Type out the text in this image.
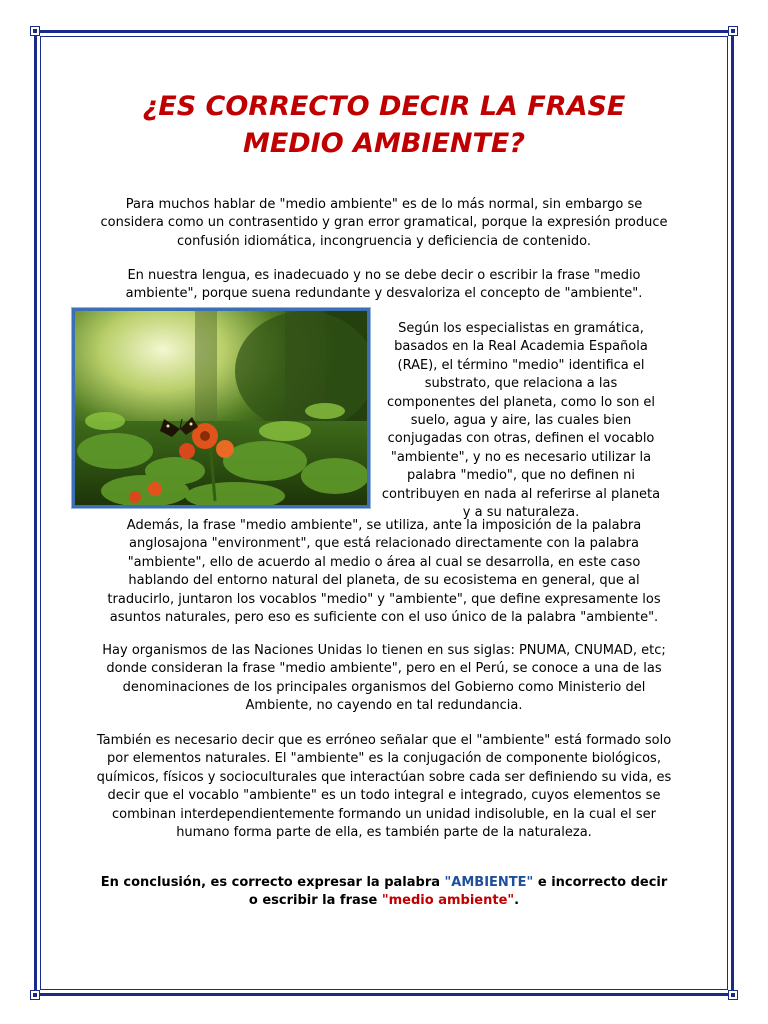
¿ES CORRECTO DECIR LA FRASE
MEDIO AMBIENTE?

Para muchos hablar de "medio ambiente" es de lo más normal, sin embargo se considera como un contrasentido y gran error gramatical, porque la expresión produce confusión idiomática, incongruencia y deficiencia de contenido.

En nuestra lengua, es inadecuado y no se debe decir o escribir la frase "medio ambiente", porque suena redundante y desvaloriza el concepto de "ambiente".

Según los especialistas en gramática, basados en la Real Academia Española (RAE), el término "medio" identifica el substrato, que relaciona a las componentes del planeta, como lo son el suelo, agua y aire, las cuales bien conjugadas con otras, definen el vocablo "ambiente", y no es necesario utilizar la palabra "medio", que no definen ni contribuyen en nada al referirse al planeta y a su naturaleza.

Además, la frase "medio ambiente", se utiliza, ante la imposición de la palabra anglosajona "environment", que está relacionado directamente con la palabra "ambiente", ello de acuerdo al medio o área al cual se desarrolla, en este caso hablando del entorno natural del planeta, de su ecosistema en general, que al traducirlo, juntaron los vocablos "medio" y "ambiente", que define expresamente los asuntos naturales, pero eso es suficiente con el uso único de la palabra "ambiente".

Hay organismos de las Naciones Unidas lo tienen en sus siglas: PNUMA, CNUMAD, etc; donde consideran la frase "medio ambiente", pero en el Perú, se conoce a una de las denominaciones de los principales organismos del Gobierno como Ministerio del Ambiente, no cayendo en tal redundancia.

También es necesario decir que es erróneo señalar que el "ambiente" está formado solo por elementos naturales. El "ambiente" es la conjugación de componente biológicos, químicos, físicos y socioculturales que interactúan sobre cada ser definiendo su vida, es decir que el vocablo "ambiente" es un todo integral e integrado, cuyos elementos se combinan interdependientemente formando un unidad indisoluble, en la cual el ser humano forma parte de ella, es también parte de la naturaleza.

En conclusión, es correcto expresar la palabra "AMBIENTE" e incorrecto decir o escribir la frase "medio ambiente".
